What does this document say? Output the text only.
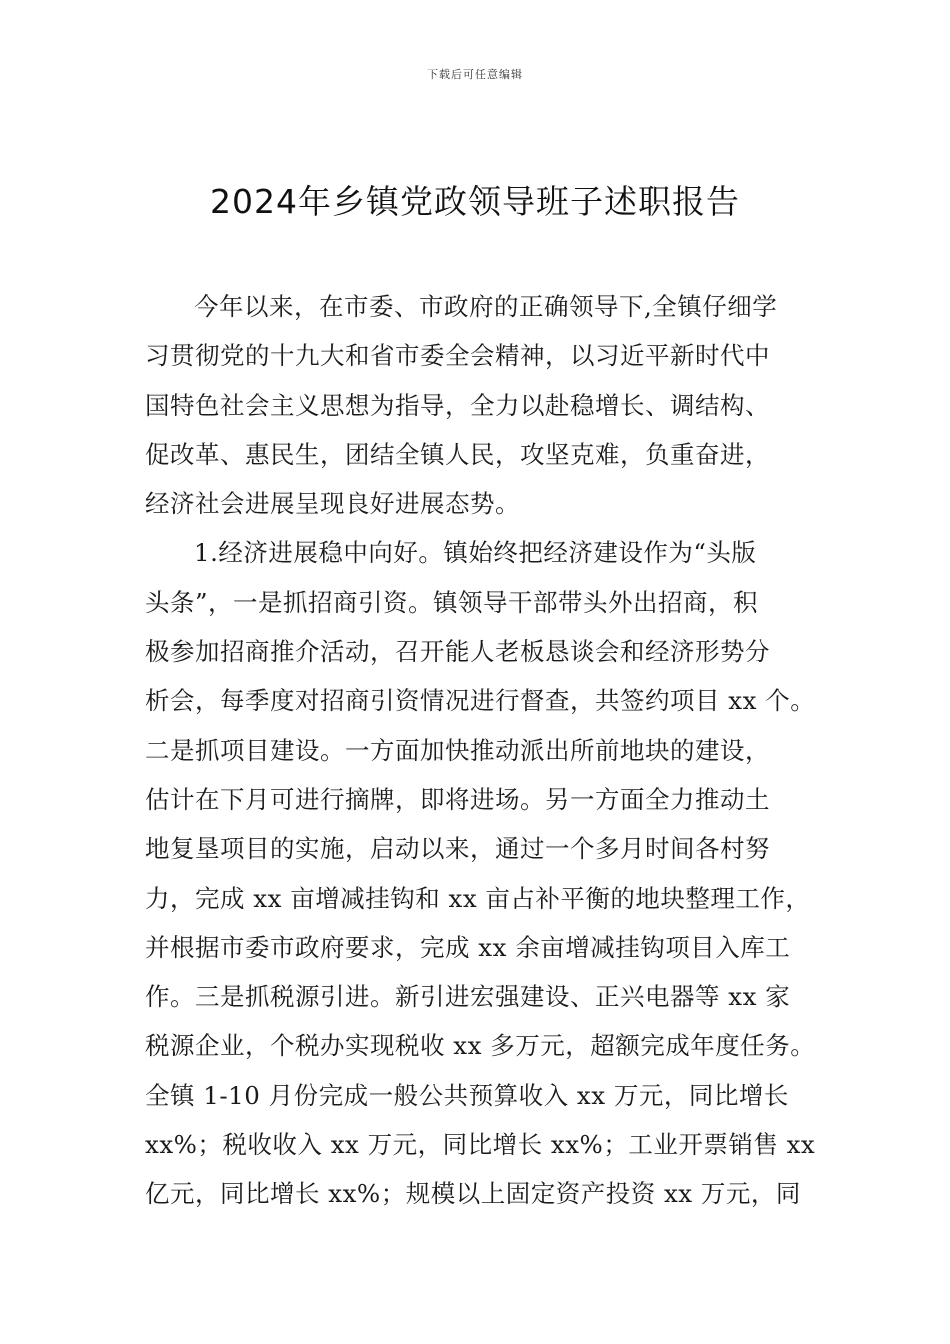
下载后可任意编辑
2024年乡镇党政领导班子述职报告
今年以来，在市委、市政府的正确领导下,全镇仔细学
习贯彻党的十九大和省市委全会精神，以习近平新时代中
国特色社会主义思想为指导，全力以赴稳增长、调结构、
促改革、惠民生，团结全镇人民，攻坚克难，负重奋进，
经济社会进展呈现良好进展态势。
1.经济进展稳中向好。镇始终把经济建设作为“头版
头条”，一是抓招商引资。镇领导干部带头外出招商，积
极参加招商推介活动，召开能人老板恳谈会和经济形势分
析会，每季度对招商引资情况进行督查，共签约项目 xx 个。
二是抓项目建设。一方面加快推动派出所前地块的建设，
估计在下月可进行摘牌，即将进场。另一方面全力推动土
地复垦项目的实施，启动以来，通过一个多月时间各村努
力，完成 xx 亩增减挂钩和 xx 亩占补平衡的地块整理工作，
并根据市委市政府要求，完成 xx 余亩增减挂钩项目入库工
作。三是抓税源引进。新引进宏强建设、正兴电器等 xx 家
税源企业，个税办实现税收 xx 多万元，超额完成年度任务。
全镇 1-10 月份完成一般公共预算收入 xx 万元，同比增长
xx%；税收收入 xx 万元，同比增长 xx%；工业开票销售 xx
亿元，同比增长 xx%；规模以上固定资产投资 xx 万元，同
